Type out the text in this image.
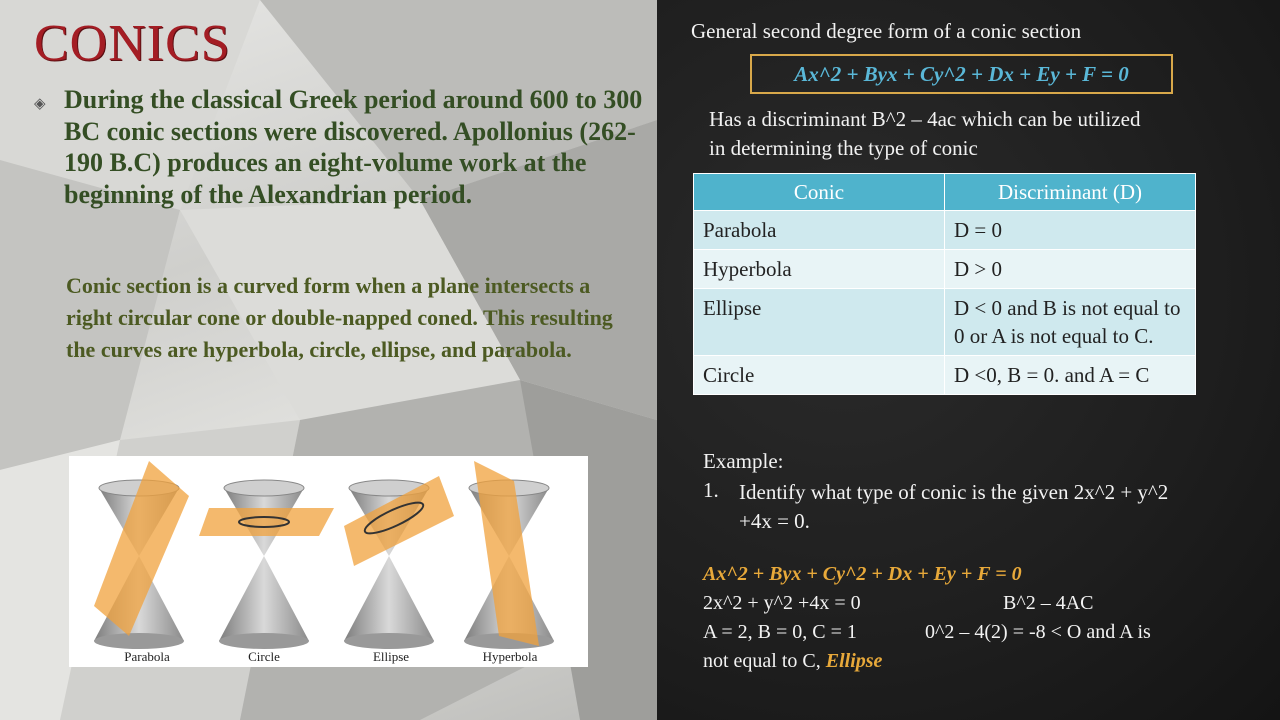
CONICS
◈ During the classical Greek period around 600 to 300 BC conic sections were discovered. Apollonius (262-190 B.C) produces an eight-volume work at the beginning of the Alexandrian period.
Conic section is a curved form when a plane intersects a right circular cone or double-napped coned. This resulting the curves are hyperbola, circle, ellipse, and parabola.
Parabola	Circle	Ellipse	Hyperbola
General second degree form of a conic section
Ax^2 + Byx + Cy^2 + Dx + Ey + F = 0
Has a discriminant B^2 – 4ac which can be utilized in determining the type of conic
Conic	Discriminant (D)
Parabola	D = 0
Hyperbola	D > 0
Ellipse	D < 0 and B is not equal to 0 or A is not equal to C.
Circle	D <0, B = 0. and A = C
Example:
1. Identify what type of conic is the given 2x^2 + y^2 +4x = 0.
Ax^2 + Byx + Cy^2 + Dx + Ey + F = 0
2x^2 + y^2 +4x = 0	B^2 – 4AC
A = 2, B = 0, C = 1	0^2 – 4(2) = -8 < O and A is
not equal to C, Ellipse
